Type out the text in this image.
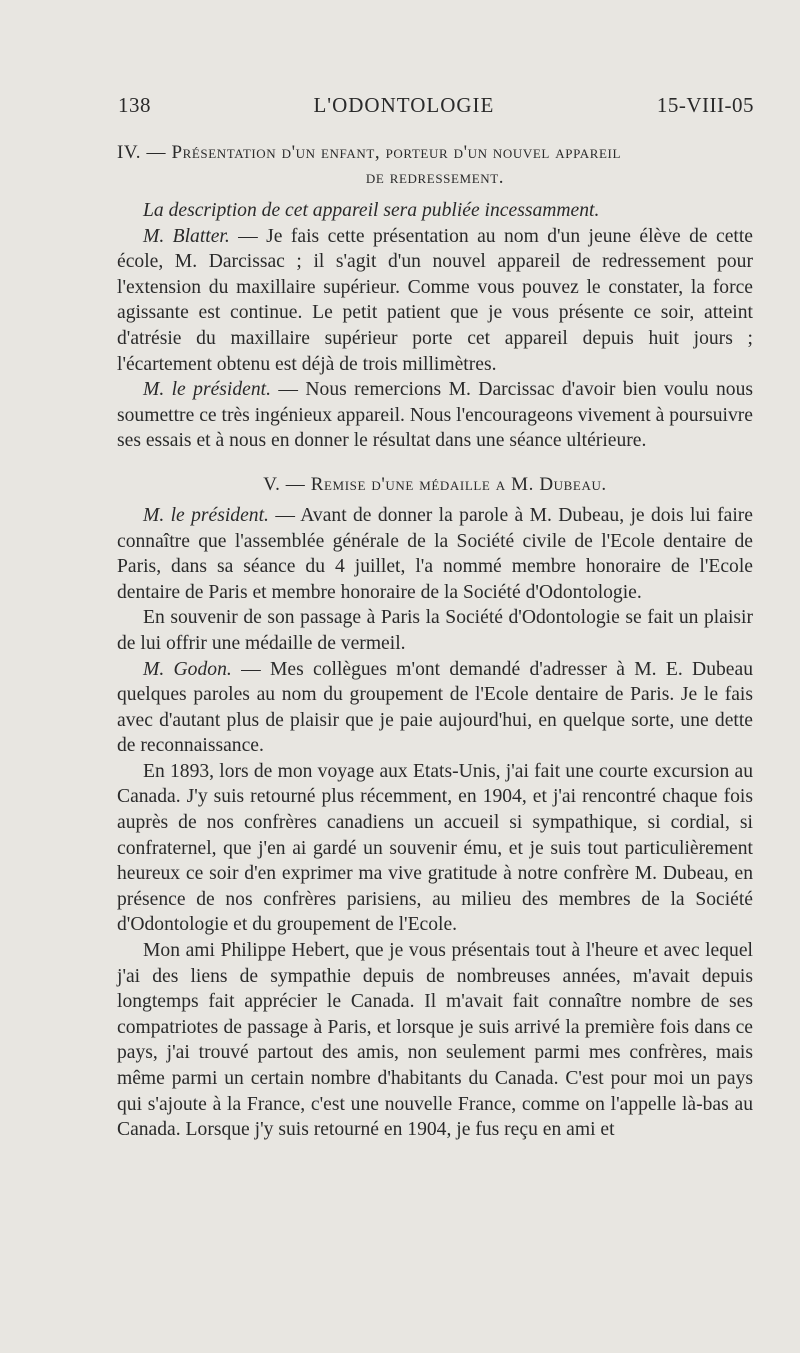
138	L'ODONTOLOGIE	15-VIII-05
IV. — Présentation d'un enfant, porteur d'un nouvel appareil
de redressement.

La description de cet appareil sera publiée incessamment.

M. Blatter. — Je fais cette présentation au nom d'un jeune élève de cette école, M. Darcissac ; il s'agit d'un nouvel appareil de redressement pour l'extension du maxillaire supérieur. Comme vous pouvez le constater, la force agissante est continue. Le petit patient que je vous présente ce soir, atteint d'atrésie du maxillaire supérieur porte cet appareil depuis huit jours ; l'écartement obtenu est déjà de trois millimètres.

M. le président. — Nous remercions M. Darcissac d'avoir bien voulu nous soumettre ce très ingénieux appareil. Nous l'encourageons vivement à poursuivre ses essais et à nous en donner le résultat dans une séance ultérieure.

V. — Remise d'une médaille a M. Dubeau.

M. le président. — Avant de donner la parole à M. Dubeau, je dois lui faire connaître que l'assemblée générale de la Société civile de l'Ecole dentaire de Paris, dans sa séance du 4 juillet, l'a nommé membre honoraire de l'Ecole dentaire de Paris et membre honoraire de la Société d'Odontologie.

En souvenir de son passage à Paris la Société d'Odontologie se fait un plaisir de lui offrir une médaille de vermeil.

M. Godon. — Mes collègues m'ont demandé d'adresser à M. E. Dubeau quelques paroles au nom du groupement de l'Ecole dentaire de Paris. Je le fais avec d'autant plus de plaisir que je paie aujourd'hui, en quelque sorte, une dette de reconnaissance.

En 1893, lors de mon voyage aux Etats-Unis, j'ai fait une courte excursion au Canada. J'y suis retourné plus récemment, en 1904, et j'ai rencontré chaque fois auprès de nos confrères canadiens un accueil si sympathique, si cordial, si confraternel, que j'en ai gardé un souvenir ému, et je suis tout particulièrement heureux ce soir d'en exprimer ma vive gratitude à notre confrère M. Dubeau, en présence de nos confrères parisiens, au milieu des membres de la Société d'Odontologie et du groupement de l'Ecole.

Mon ami Philippe Hebert, que je vous présentais tout à l'heure et avec lequel j'ai des liens de sympathie depuis de nombreuses années, m'avait depuis longtemps fait apprécier le Canada. Il m'avait fait connaître nombre de ses compatriotes de passage à Paris, et lorsque je suis arrivé la première fois dans ce pays, j'ai trouvé partout des amis, non seulement parmi mes confrères, mais même parmi un certain nombre d'habitants du Canada. C'est pour moi un pays qui s'ajoute à la France, c'est une nouvelle France, comme on l'appelle là-bas au Canada. Lorsque j'y suis retourné en 1904, je fus reçu en ami et
